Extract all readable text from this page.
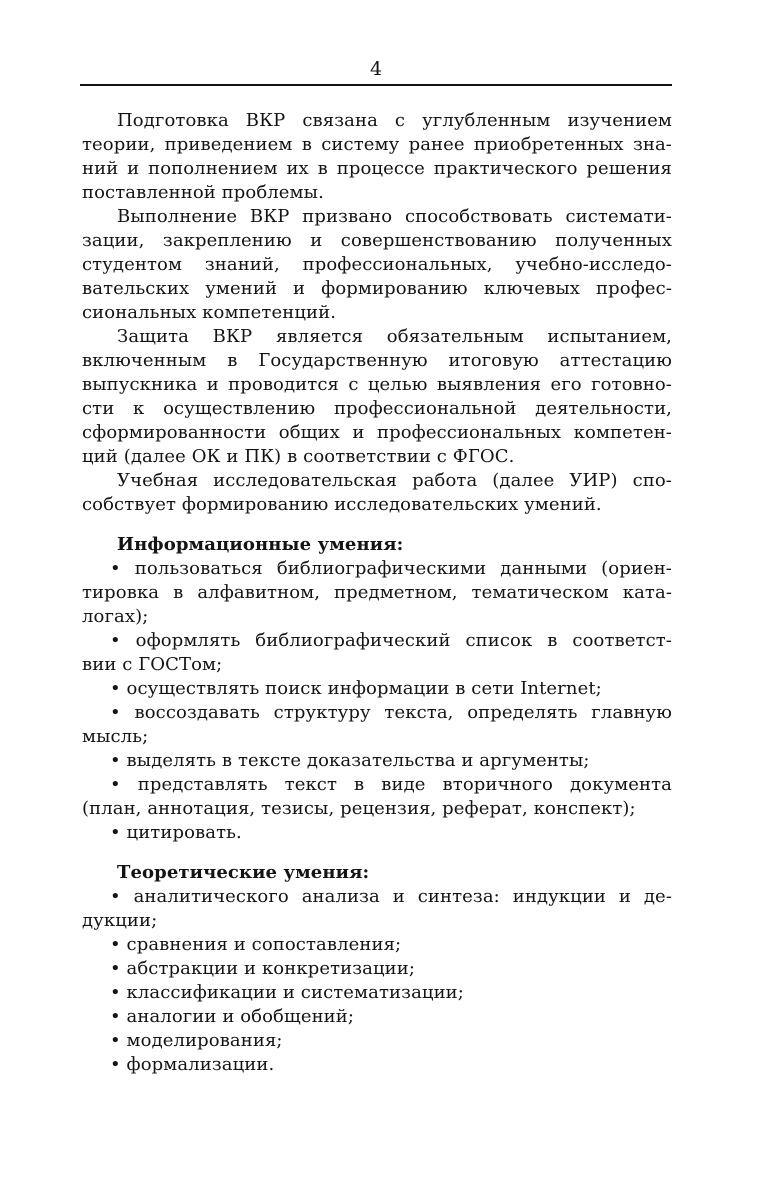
4
Подготовка ВКР связана с углубленным изучением
теории, приведением в систему ранее приобретенных зна-
ний и пополнением их в процессе практического решения
поставленной проблемы.
Выполнение ВКР призвано способствовать системати-
зации, закреплению и совершенствованию полученных
студентом знаний, профессиональных, учебно-исследо-
вательских умений и формированию ключевых профес-
сиональных компетенций.
Защита ВКР является обязательным испытанием,
включенным в Государственную итоговую аттестацию
выпускника и проводится с целью выявления его готовно-
сти к осуществлению профессиональной деятельности,
сформированности общих и профессиональных компетен-
ций (далее ОК и ПК) в соответствии с ФГОС.
Учебная исследовательская работа (далее УИР) спо-
собствует формированию исследовательских умений.
Информационные умения:
• пользоваться библиографическими данными (ориен-
тировка в алфавитном, предметном, тематическом ката-
логах);
• оформлять библиографический список в соответст-
вии с ГОСТом;
• осуществлять поиск информации в сети Internet;
• воссоздавать структуру текста, определять главную
мысль;
• выделять в тексте доказательства и аргументы;
• представлять текст в виде вторичного документа
(план, аннотация, тезисы, рецензия, реферат, конспект);
• цитировать.
Теоретические умения:
• аналитического анализа и синтеза: индукции и де-
дукции;
• сравнения и сопоставления;
• абстракции и конкретизации;
• классификации и систематизации;
• аналогии и обобщений;
• моделирования;
• формализации.
